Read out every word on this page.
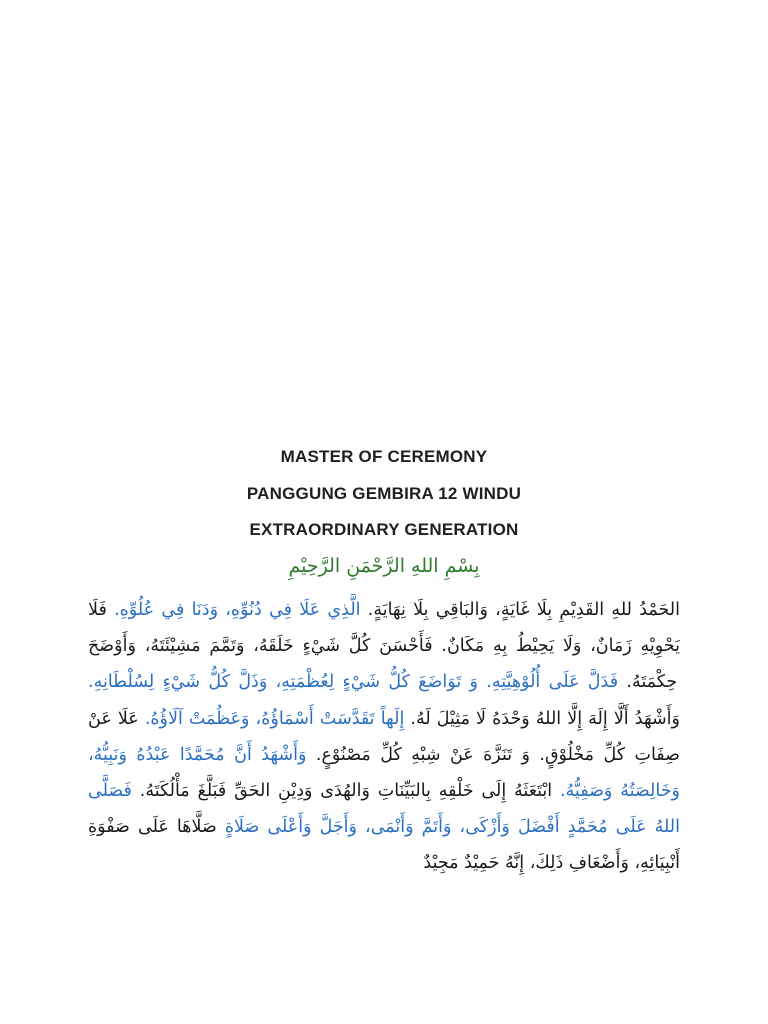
MASTER OF CEREMONY
PANGGUNG GEMBIRA 12 WINDU
EXTRAORDINARY GENERATION
بِسْمِ اللهِ الرَّحْمَنِ الرَّحِيْمِ
الحَمْدُ للهِ القَدِيْمِ بِلَا غَايَةٍ، وَالبَاقِي بِلَا نِهَايَةٍ. الَّذِي عَلَا فِي دُنُوِّهِ، وَدَنَا فِي عُلُوِّهِ. فَلَا يَحْوِيْهِ زَمَانٌ، وَلَا يَحِيْطُ بِهِ مَكَانٌ. فَأَحْسَنَ كُلَّ شَيْءٍ خَلَقَهُ، وَتَمَّمَ مَشِيْئَتَهُ، وَأَوْضَحَ حِكْمَتَهُ. فَدَلَّ عَلَى أُلُوْهِيَّتِهِ. وَ تَوَاضَعَ كُلُّ شَيْءٍ لِعُظْمَتِهِ، وَذَلَّ كُلُّ شَيْءٍ لِسُلْطَانِهِ. وَأَشْهَدُ أَلَّا إِلَهَ إِلَّا اللهُ وَحْدَهُ لَا مَثِيْلَ لَهُ. إِلَهاً تَقَدَّسَتْ أَسْمَاؤُهُ، وَعَظُمَتْ آلَاؤُهُ. عَلَا عَنْ صِفَاتِ كُلِّ مَخْلُوْقٍ. وَ تَنَزَّهَ عَنْ شِبْهِ كُلِّ مَصْنُوْعٍ. وَأَشْهَدُ أَنَّ مُحَمَّدًا عَبْدُهُ وَنَبِيُّهُ، وَخَالِصَتُهُ وَصَفِيُّهُ. ابْتَعَثَهُ إِلَى خَلْقِهِ بِالبَيِّنَاتِ وَالهُدَى وَدِيْنِ الحَقِّ فَبَلَّغَ مَأْلُكَتَهُ. فَصَلَّى اللهُ عَلَى مُحَمَّدٍ أَفْضَلَ وَأَزْكَى، وَأَتَمَّ وَأَنْمَى، وَأَجَلَّ وَأَعْلَى صَلَاةٍ صَلَّاهَا عَلَى صَفْوَةِ أَنْبِيَائِهِ، وَأَضْعَافِ ذَلِكَ، إِنَّهُ حَمِيْدٌ مَجِيْدٌ
